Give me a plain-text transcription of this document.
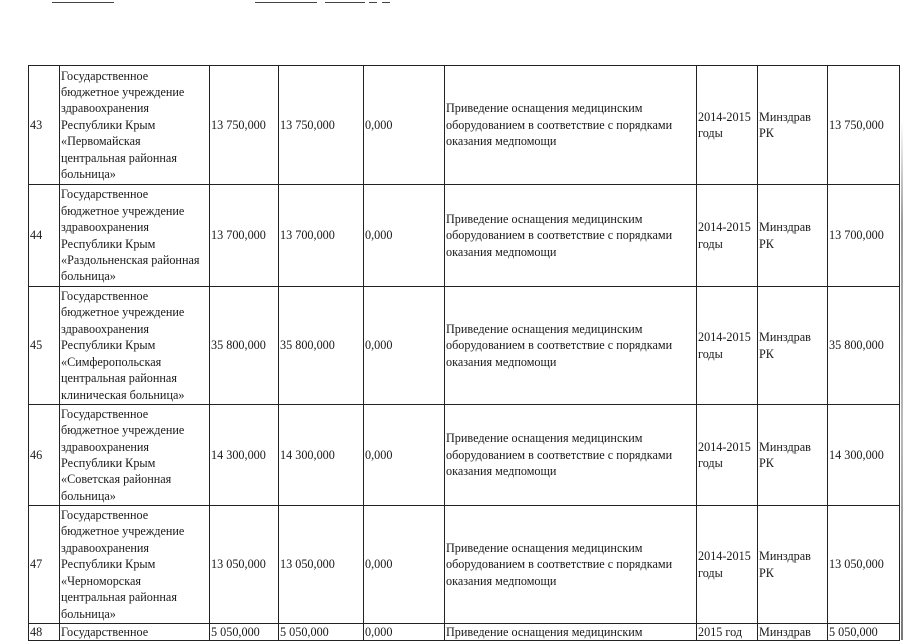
43	Государственное бюджетное учреждение здравоохранения Республики Крым «Первомайская центральная районная больница»	13 750,000	13 750,000	0,000	Приведение оснащения медицинским оборудованием в соответствие с порядками оказания медпомощи	2014-2015 годы	Минздрав РК	13 750,000
44	Государственное бюджетное учреждение здравоохранения Республики Крым «Раздольненская районная больница»	13 700,000	13 700,000	0,000	Приведение оснащения медицинским оборудованием в соответствие с порядками оказания медпомощи	2014-2015 годы	Минздрав РК	13 700,000
45	Государственное бюджетное учреждение здравоохранения Республики Крым «Симферопольская центральная районная клиническая больница»	35 800,000	35 800,000	0,000	Приведение оснащения медицинским оборудованием в соответствие с порядками оказания медпомощи	2014-2015 годы	Минздрав РК	35 800,000
46	Государственное бюджетное учреждение здравоохранения Республики Крым «Советская районная больница»	14 300,000	14 300,000	0,000	Приведение оснащения медицинским оборудованием в соответствие с порядками оказания медпомощи	2014-2015 годы	Минздрав РК	14 300,000
47	Государственное бюджетное учреждение здравоохранения Республики Крым «Черноморская центральная районная больница»	13 050,000	13 050,000	0,000	Приведение оснащения медицинским оборудованием в соответствие с порядками оказания медпомощи	2014-2015 годы	Минздрав РК	13 050,000
48	Государственное	5 050,000	5 050,000	0,000	Приведение оснащения медицинским	2015 год	Минздрав	5 050,000
